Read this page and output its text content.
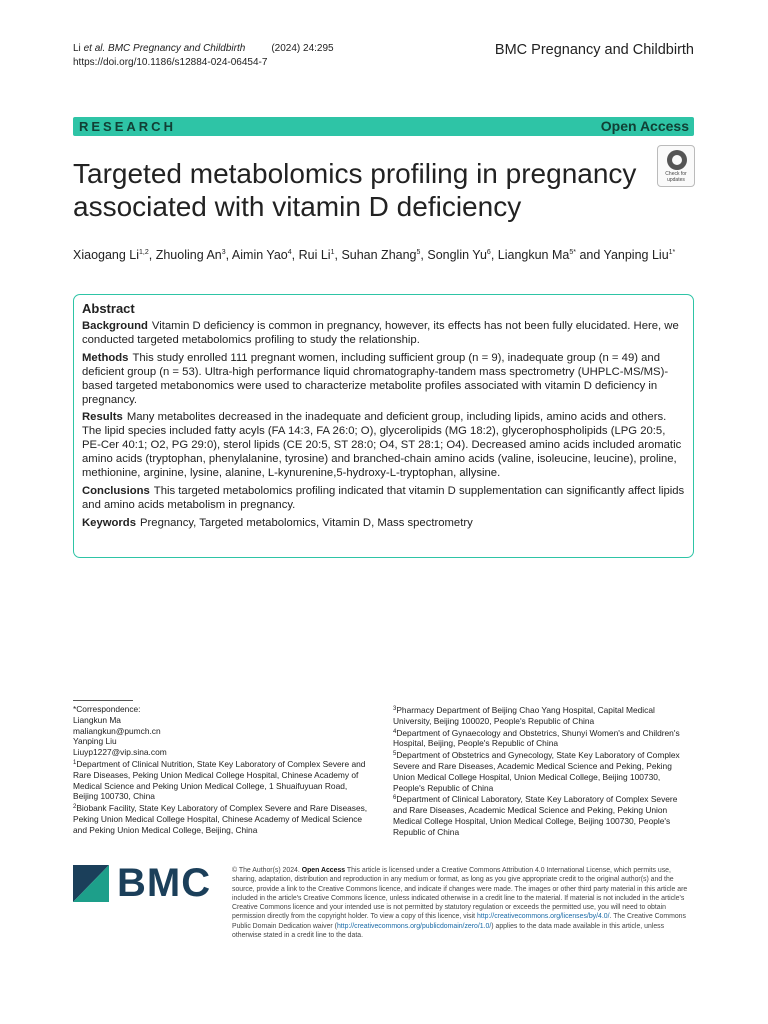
Li et al. BMC Pregnancy and Childbirth	(2024) 24:295
https://doi.org/10.1186/s12884-024-06454-7
BMC Pregnancy and Childbirth
RESEARCH	Open Access
Targeted metabolomics profiling in pregnancy associated with vitamin D deficiency
Check for updates
Xiaogang Li$^{1,2}$, Zhuoling An$^3$, Aimin Yao$^4$, Rui Li$^1$, Suhan Zhang$^5$, Songlin Yu$^6$, Liangkun $Ma^{5*}$ and Yanping Liu$^{1*}$
Abstract

Background Vitamin D deficiency is common in pregnancy, however, its effects has not been fully elucidated. Here, we conducted targeted metabolomics profiling to study the relationship.

Methods This study enrolled 111 pregnant women, including sufficient group (n = 9), inadequate group (n = 49) and deficient group (n = 53). Ultra-high performance liquid chromatography-tandem mass spectrometry (UHPLC-MS/MS)-based targeted metabonomics were used to characterize metabolite profiles associated with vitamin D deficiency in pregnancy.

Results Many metabolites decreased in the inadequate and deficient group, including lipids, amino acids and others. The lipid species included fatty acyls (FA 14:3, FA 26:0; O), glycerolipids (MG 18:2), glycerophospholipids (LPG 20:5, PE-Cer 40:1; O2, PG 29:0), sterol lipids (CE 20:5, ST 28:0; O4, ST 28:1; O4). Decreased amino acids included aromatic amino acids (tryptophan, phenylalanine, tyrosine) and branched-chain amino acids (valine, isoleucine, leucine), proline, methionine, arginine, lysine, alanine, L-kynurenine,5-hydroxy-L-tryptophan, allysine.

Conclusions This targeted metabolomics profiling indicated that vitamin D supplementation can significantly affect lipids and amino acids metabolism in pregnancy.

Keywords Pregnancy, Targeted metabolomics, Vitamin D, Mass spectrometry

*Correspondence:

Liangkun Ma

maliangkun@pumch.cn

Yanping Liu

Liuyp1227@vip.sina.com

$^1$Department of Clinical Nutrition, State Key Laboratory of Complex Severe and Rare Diseases, Peking Union Medical College Hospital, Chinese Academy of Medical Science and Peking Union Medical College, 1 Shuaifuyuan Road, Beijing 100730, China

$^2$Biobank Facility, State Key Laboratory of Complex Severe and Rare Diseases, Peking Union Medical College Hospital, Chinese Academy of Medical Science and Peking Union Medical College, Beijing, China

$^3$Pharmacy Department of Beijing Chao Yang Hospital, Capital Medical University, Beijing 100020, People's Republic of China

$^4$Department of Gynaecology and Obstetrics, Shunyi Women's and Children's Hospital, Beijing, People's Republic of China

$^5$Department of Obstetrics and Gynecology, State Key Laboratory of Complex Severe and Rare Diseases, Academic Medical Science and Peking, Peking Union Medical College Hospital, Union Medical College, Beijing 100730, People's Republic of China

$^6$Department of Clinical Laboratory, State Key Laboratory of Complex Severe and Rare Diseases, Academic Medical Science and Peking, Peking Union Medical College Hospital, Union Medical College, Beijing 100730, People's Republic of China

BMC	© The Author(s) 2024. Open Access This article is licensed under a Creative Commons Attribution 4.0 International License, which permits use, sharing, adaptation, distribution and reproduction in any medium or format, as long as you give appropriate credit to the original author(s) and the source, provide a link to the Creative Commons licence, and indicate if changes were made. The images or other third party material in this article are included in the article's Creative Commons licence, unless indicated otherwise in a credit line to the material. If material is not included in the article's Creative Commons licence and your intended use is not permitted by statutory regulation or exceeds the permitted use, you will need to obtain permission directly from the copyright holder. To view a copy of this licence, visit http://creativecommons.org/licenses/by/4.0/. The Creative Commons Public Domain Dedication waiver (http://creativecommons.org/publicdomain/zero/1.0/) applies to the data made available in this article, unless otherwise stated in a credit line to the data.
